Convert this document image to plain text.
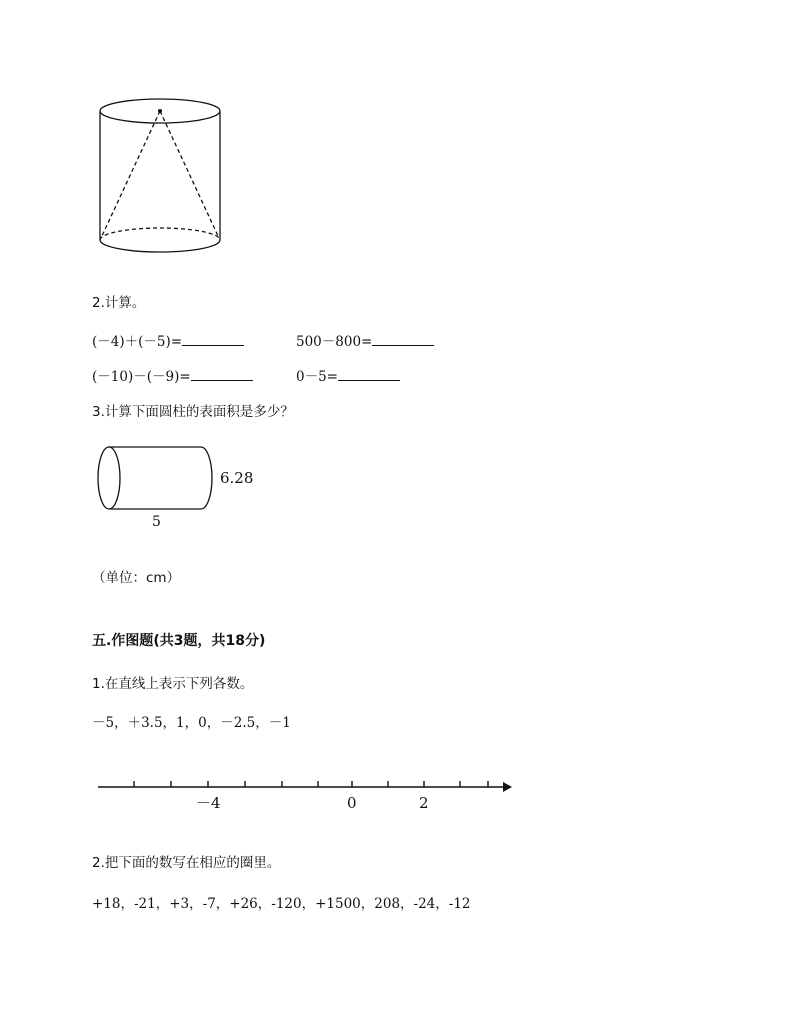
2.计算。
(－4)＋(－5)=	500－800=
(－10)－(－9)=	0－5=
3.计算下面圆柱的表面积是多少？
6.28
5
（单位：cm）
五.作图题(共3题，共18分)
1.在直线上表示下列各数。
－5，＋3.5，1，0，－2.5，－1
－4	0	2
2.把下面的数写在相应的圈里。
+18，-21，+3，-7，+26，-120，+1500，208，-24，-12
